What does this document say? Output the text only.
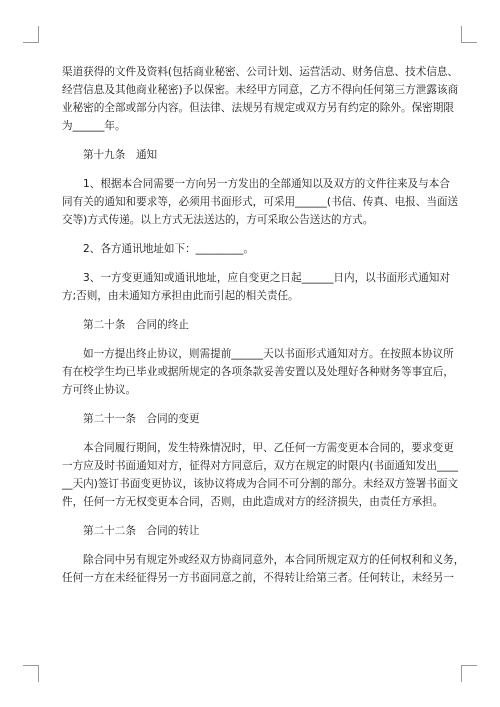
渠道获得的文件及资料(包括商业秘密、公司计划、运营活动、财务信息、技术信息、
经营信息及其他商业秘密)予以保密。未经甲方同意，乙方不得向任何第三方泄露该商
业秘密的全部或部分内容。但法律、法规另有规定或双方另有约定的除外。保密期限
为______年。
第十九条　通知
1、根据本合同需要一方向另一方发出的全部通知以及双方的文件往来及与本合
同有关的通知和要求等，必须用书面形式，可采用______(书信、传真、电报、当面送
交等)方式传递。以上方式无法送达的，方可采取公告送达的方式。
2、各方通讯地址如下：_________。
3、一方变更通知或通讯地址，应自变更之日起______日内，以书面形式通知对
方;否则，由未通知方承担由此而引起的相关责任。
第二十条　合同的终止
如一方提出终止协议，则需提前______天以书面形式通知对方。在按照本协议所
有在校学生均已毕业或据所规定的各项条款妥善安置以及处理好各种财务等事宜后，
方可终止协议。
第二十一条　合同的变更
本合同履行期间，发生特殊情况时，甲、乙任何一方需变更本合同的，要求变更
一方应及时书面通知对方，征得对方同意后，双方在规定的时限内(书面通知发出____
__天内)签订书面变更协议，该协议将成为合同不可分割的部分。未经双方签署书面文
件，任何一方无权变更本合同，否则，由此造成对方的经济损失，由责任方承担。
第二十二条　合同的转让
除合同中另有规定外或经双方协商同意外，本合同所规定双方的任何权利和义务，
任何一方在未经征得另一方书面同意之前，不得转让给第三者。任何转让，未经另一
